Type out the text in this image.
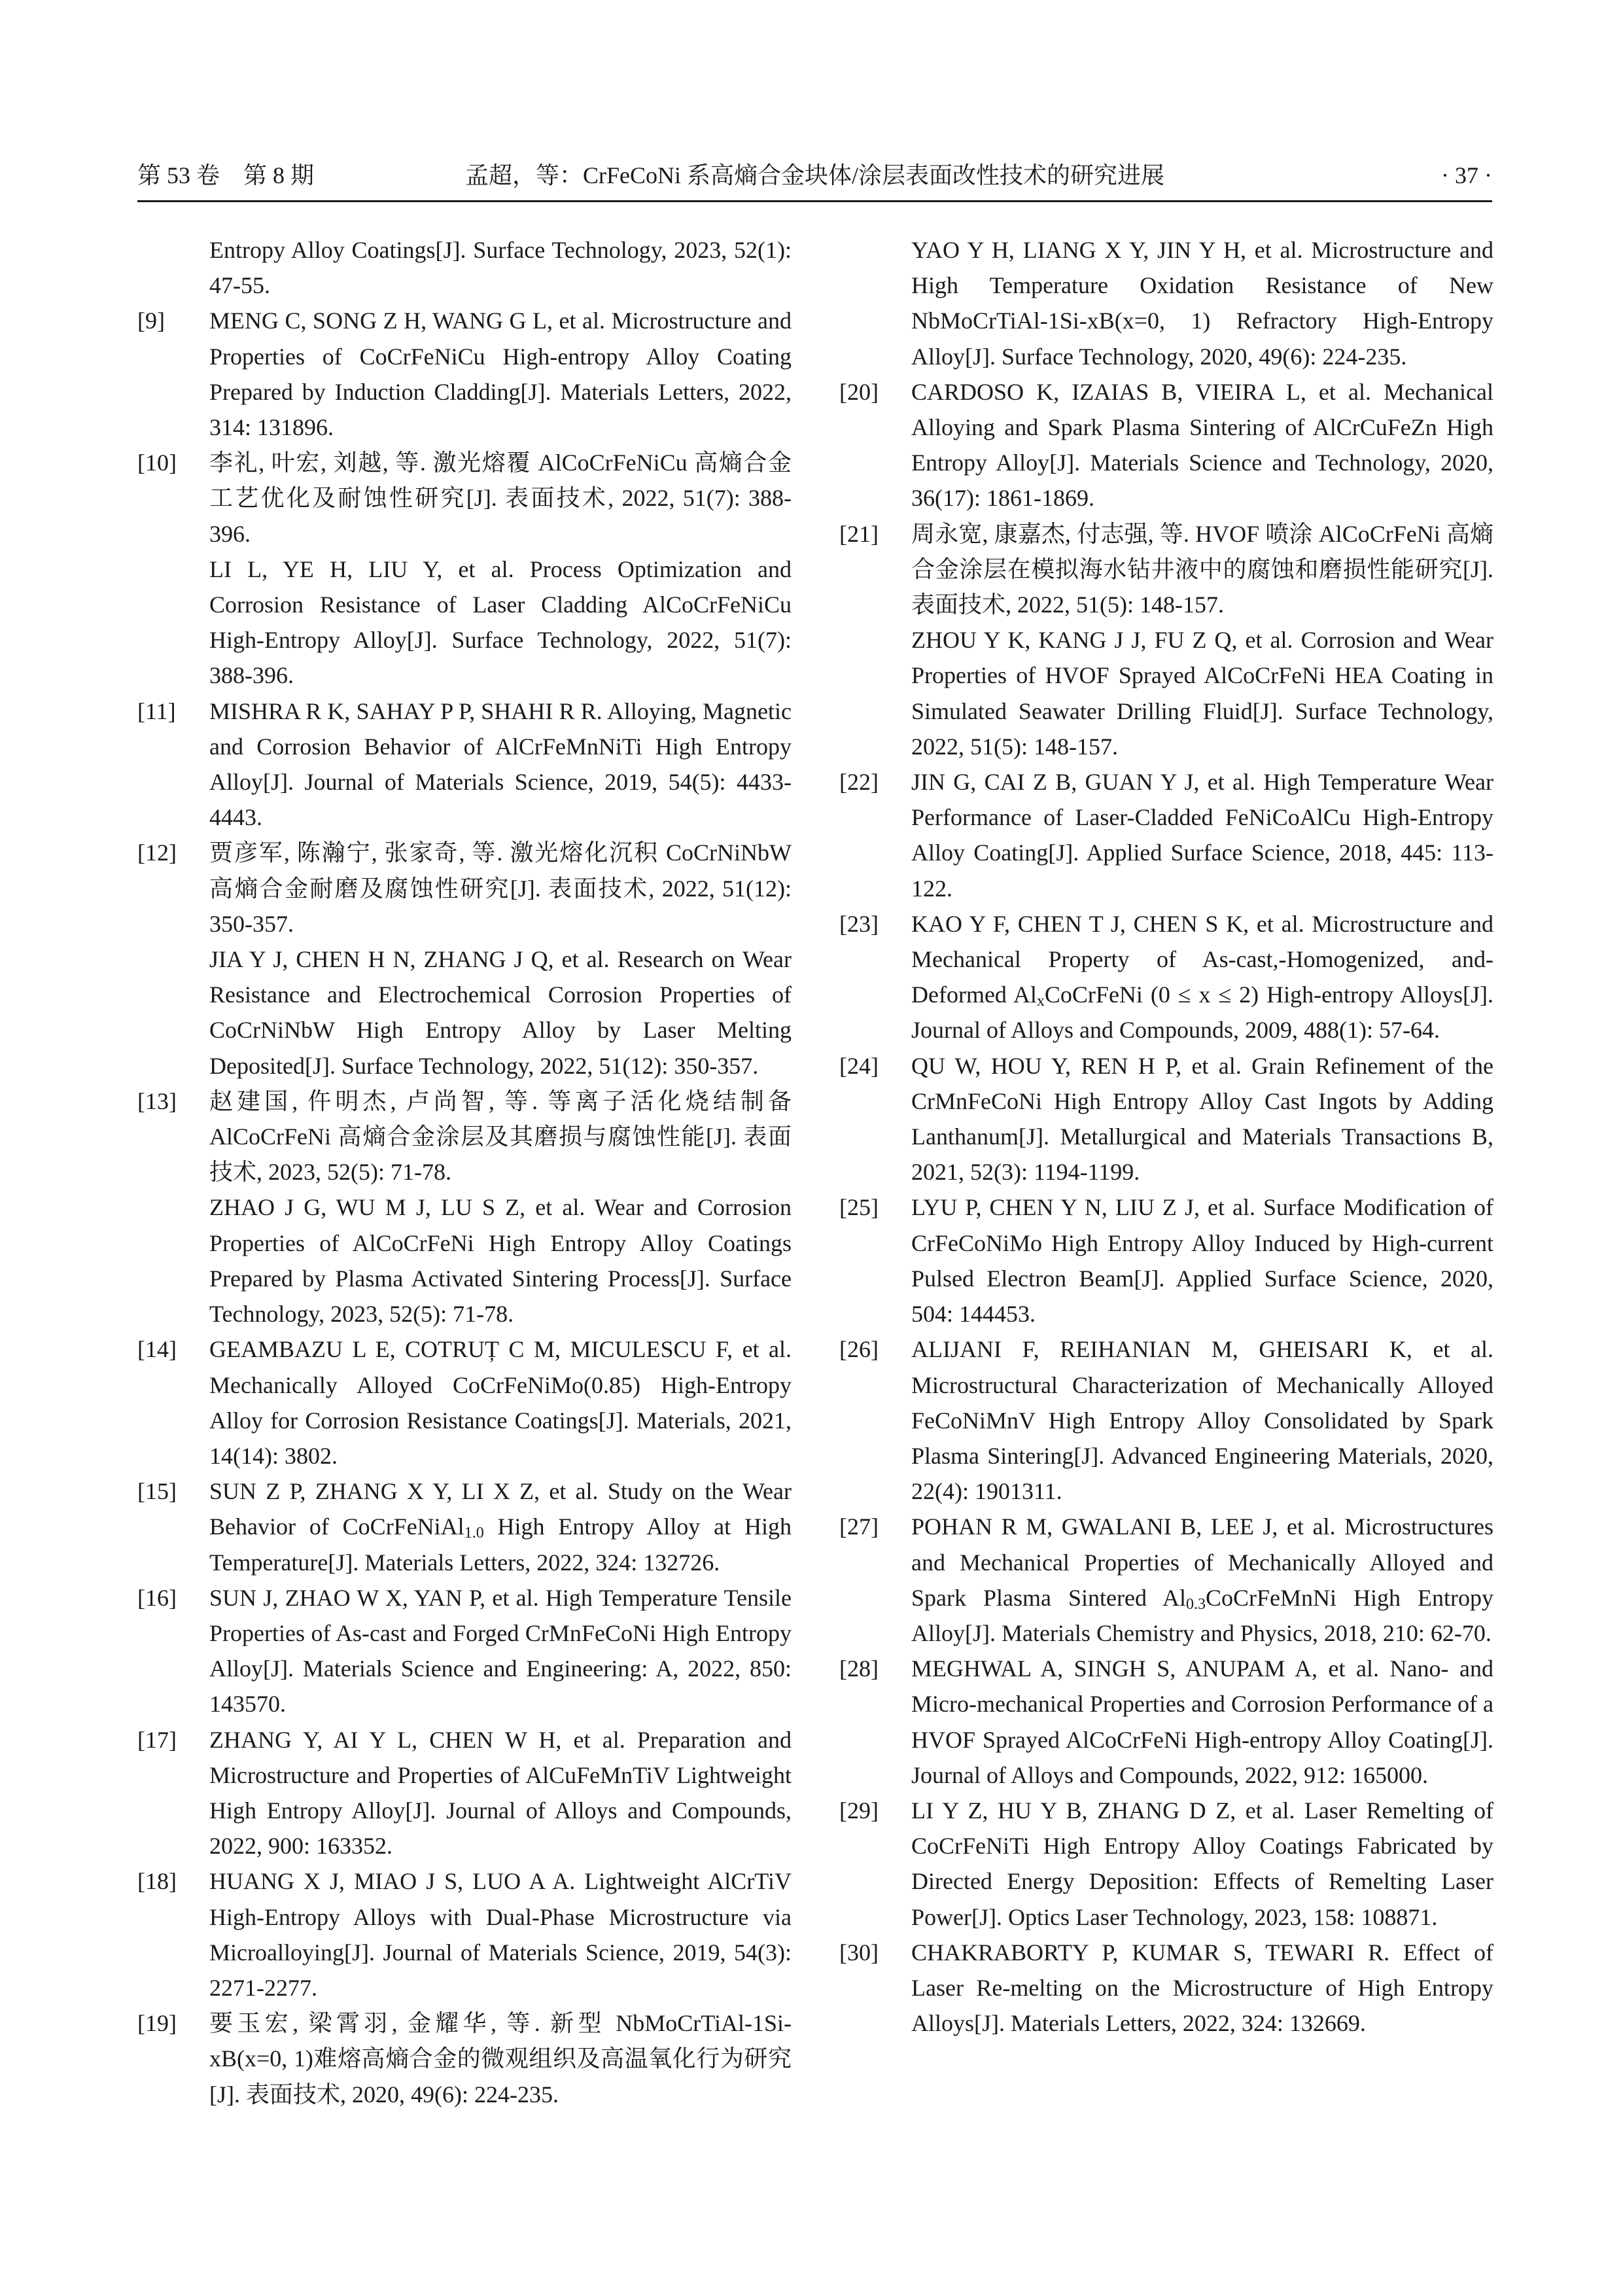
第 53 卷　第 8 期	孟超，等：CrFeCoNi 系高熵合金块体/涂层表面改性技术的研究进展	· 37 ·
Entropy Alloy Coatings[J]. Surface Technology, 2023, 52(1): 47-55.
[9] MENG C, SONG Z H, WANG G L, et al. Microstructure and Properties of CoCrFeNiCu High-entropy Alloy Coating Prepared by Induction Cladding[J]. Materials Letters, 2022, 314: 131896.
[10] 李礼, 叶宏, 刘越, 等. 激光熔覆 AlCoCrFeNiCu 高熵合金工艺优化及耐蚀性研究[J]. 表面技术, 2022, 51(7): 388-396.
LI L, YE H, LIU Y, et al. Process Optimization and Corrosion Resistance of Laser Cladding AlCoCrFeNiCu High-Entropy Alloy[J]. Surface Technology, 2022, 51(7): 388-396.
[11] MISHRA R K, SAHAY P P, SHAHI R R. Alloying, Magnetic and Corrosion Behavior of AlCrFeMnNiTi High Entropy Alloy[J]. Journal of Materials Science, 2019, 54(5): 4433-4443.
[12] 贾彦军, 陈瀚宁, 张家奇, 等. 激光熔化沉积 CoCrNiNbW 高熵合金耐磨及腐蚀性研究[J]. 表面技术, 2022, 51(12): 350-357.
JIA Y J, CHEN H N, ZHANG J Q, et al. Research on Wear Resistance and Electrochemical Corrosion Properties of CoCrNiNbW High Entropy Alloy by Laser Melting Deposited[J]. Surface Technology, 2022, 51(12): 350-357.
[13] 赵建国, 仵明杰, 卢尚智, 等. 等离子活化烧结制备 AlCoCrFeNi 高熵合金涂层及其磨损与腐蚀性能[J]. 表面技术, 2023, 52(5): 71-78.
ZHAO J G, WU M J, LU S Z, et al. Wear and Corrosion Properties of AlCoCrFeNi High Entropy Alloy Coatings Prepared by Plasma Activated Sintering Process[J]. Surface Technology, 2023, 52(5): 71-78.
[14] GEAMBAZU L E, COTRUȚ C M, MICULESCU F, et al. Mechanically Alloyed CoCrFeNiMo(0.85) High-Entropy Alloy for Corrosion Resistance Coatings[J]. Materials, 2021, 14(14): 3802.
[15] SUN Z P, ZHANG X Y, LI X Z, et al. Study on the Wear Behavior of CoCrFeNiAl$_{1.0}$ High Entropy Alloy at High Temperature[J]. Materials Letters, 2022, 324: 132726.
[16] SUN J, ZHAO W X, YAN P, et al. High Temperature Tensile Properties of As-cast and Forged CrMnFeCoNi High Entropy Alloy[J]. Materials Science and Engineering: A, 2022, 850: 143570.
[17] ZHANG Y, AI Y L, CHEN W H, et al. Preparation and Microstructure and Properties of AlCuFeMnTiV Lightweight High Entropy Alloy[J]. Journal of Alloys and Compounds, 2022, 900: 163352.
[18] HUANG X J, MIAO J S, LUO A A. Lightweight AlCrTiV High-Entropy Alloys with Dual-Phase Microstructure via Microalloying[J]. Journal of Materials Science, 2019, 54(3): 2271-2277.
[19] 要玉宏, 梁霄羽, 金耀华, 等. 新型 NbMoCrTiAl-1Si-xB(x=0, 1)难熔高熵合金的微观组织及高温氧化行为研究[J]. 表面技术, 2020, 49(6): 224-235.
YAO Y H, LIANG X Y, JIN Y H, et al. Microstructure and High Temperature Oxidation Resistance of New NbMoCrTiAl-1Si-xB(x=0, 1) Refractory High-Entropy Alloy[J]. Surface Technology, 2020, 49(6): 224-235.
[20] CARDOSO K, IZAIAS B, VIEIRA L, et al. Mechanical Alloying and Spark Plasma Sintering of AlCrCuFeZn High Entropy Alloy[J]. Materials Science and Technology, 2020, 36(17): 1861-1869.
[21] 周永宽, 康嘉杰, 付志强, 等. HVOF 喷涂 AlCoCrFeNi 高熵合金涂层在模拟海水钻井液中的腐蚀和磨损性能研究[J]. 表面技术, 2022, 51(5): 148-157.
ZHOU Y K, KANG J J, FU Z Q, et al. Corrosion and Wear Properties of HVOF Sprayed AlCoCrFeNi HEA Coating in Simulated Seawater Drilling Fluid[J]. Surface Technology, 2022, 51(5): 148-157.
[22] JIN G, CAI Z B, GUAN Y J, et al. High Temperature Wear Performance of Laser-Cladded FeNiCoAlCu High-Entropy Alloy Coating[J]. Applied Surface Science, 2018, 445: 113-122.
[23] KAO Y F, CHEN T J, CHEN S K, et al. Microstructure and Mechanical Property of As-cast,-Homogenized, and-Deformed $Al_xCoCrFeNi$ (0 ≤ x ≤ 2) High-entropy Alloys[J]. Journal of Alloys and Compounds, 2009, 488(1): 57-64.
[24] QU W, HOU Y, REN H P, et al. Grain Refinement of the CrMnFeCoNi High Entropy Alloy Cast Ingots by Adding Lanthanum[J]. Metallurgical and Materials Transactions B, 2021, 52(3): 1194-1199.
[25] LYU P, CHEN Y N, LIU Z J, et al. Surface Modification of CrFeCoNiMo High Entropy Alloy Induced by High-current Pulsed Electron Beam[J]. Applied Surface Science, 2020, 504: 144453.
[26] ALIJANI F, REIHANIAN M, GHEISARI K, et al. Microstructural Characterization of Mechanically Alloyed FeCoNiMnV High Entropy Alloy Consolidated by Spark Plasma Sintering[J]. Advanced Engineering Materials, 2020, 22(4): 1901311.
[27] POHAN R M, GWALANI B, LEE J, et al. Microstructures and Mechanical Properties of Mechanically Alloyed and Spark Plasma Sintered $Al_{0.3}CoCrFeMnNi$ High Entropy Alloy[J]. Materials Chemistry and Physics, 2018, 210: 62-70.
[28] MEGHWAL A, SINGH S, ANUPAM A, et al. Nano- and Micro-mechanical Properties and Corrosion Performance of a HVOF Sprayed AlCoCrFeNi High-entropy Alloy Coating[J]. Journal of Alloys and Compounds, 2022, 912: 165000.
[29] LI Y Z, HU Y B, ZHANG D Z, et al. Laser Remelting of CoCrFeNiTi High Entropy Alloy Coatings Fabricated by Directed Energy Deposition: Effects of Remelting Laser Power[J]. Optics Laser Technology, 2023, 158: 108871.
[30] CHAKRABORTY P, KUMAR S, TEWARI R. Effect of Laser Re-melting on the Microstructure of High Entropy Alloys[J]. Materials Letters, 2022, 324: 132669.
